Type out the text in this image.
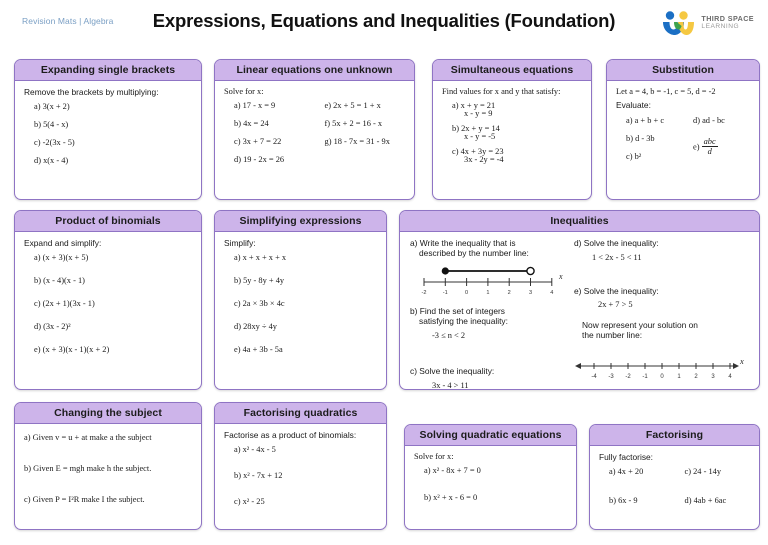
Revision Mats | Algebra	Expressions, Equations and Inequalities (Foundation)	THIRD SPACE
LEARNING
Expanding single brackets

Remove the brackets by multiplying:

a) 3(x + 2)

b) 5(4 - x)

c) -2(3x - 5)

d) x(x - 4)

Linear equations one unknown

Solve for x:

a) 17 - x = 9

b) 4x = 24

c) 3x + 7 = 22

d) 19 - 2x = 26

e) 2x + 5 = 1 + x

f) 5x + 2 = 16 - x

g) 18 - 7x = 31 - 9x

Simultaneous equations

Find values for x and y that satisfy:

a) x + y = 21

x - y = 9

b) 2x + y = 14

x - y = -5

c) 4x + 3y = 23

3x - 2y = -4

Substitution

Let a = 4, b = -1, c = 5, d = -2

Evaluate:

a) a + b + c

b) d - 3b

c) b²

d) ad - bc

$e) \frac{\text{abc}}{d}$

Product of binomials

Expand and simplify:

a) (x + 3)(x + 5)

b) (x - 4)(x - 1)

c) (2x + 1)(3x - 1)

d) (3x - 2)²

e) (x + 3)(x - 1)(x + 2)

Simplifying expressions

Simplify:

a) x + x + x + x

b) 5y - 8y + 4y

c) 2a × 3b × 4c

d) 28xy ÷ 4y

e) 4a + 3b - 5a

Inequalities

a) Write the inequality that is

described by the number line:

-2	-1	0	1	2	3	4
x

b) Find the set of integers

satisfying the inequality:

-3 ≤ n < 2

c) Solve the inequality:

3x - 4 > 11

d) Solve the inequality:

1 < 2x - 5 < 11

e) Solve the inequality:

2x + 7 > 5

Now represent your solution on

the number line:

-4 -3 -2 -1 0 1 2 3 4
x
Changing the subject

a) Given v = u + at make a the subject

b) Given E = mgh make h the subject.

c) Given P = I²R make I the subject.

Factorising quadratics

Factorise as a product of binomials:

a) x² - 4x - 5

b) x² - 7x + 12

c) x² - 25

Solving quadratic equations

Solve for x:

a) x² - 8x + 7 = 0

b) x² + x - 6 = 0

Factorising

Fully factorise:

a) 4x + 20

b) 6x - 9

c) 24 - 14y

d) 4ab + 6ac
